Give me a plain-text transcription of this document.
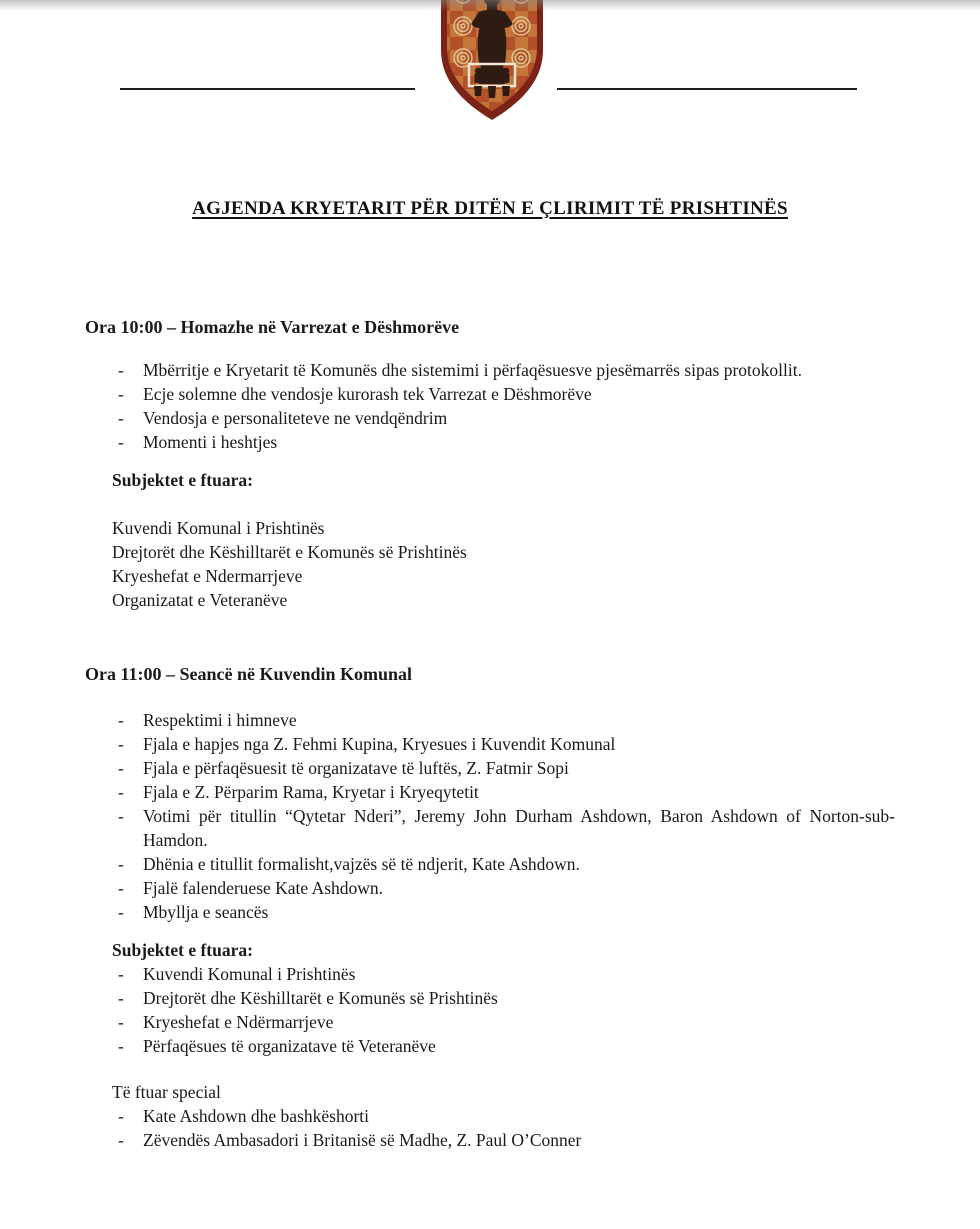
AGJENDA KRYETARIT PËR DITËN E ÇLIRIMIT TË PRISHTINËS
Ora 10:00 – Homazhe në Varrezat e Dëshmorëve
-	Mbërritje e Kryetarit të Komunës dhe sistemimi i përfaqësuesve pjesëmarrës sipas protokollit.
-	Ecje solemne dhe vendosje kurorash tek Varrezat e Dëshmorëve
-	Vendosja e personaliteteve ne vendqëndrim
-	Momenti i heshtjes
Subjektet e ftuara:
Kuvendi Komunal i Prishtinës
Drejtorët dhe Këshilltarët e Komunës së Prishtinës
Kryeshefat e Ndermarrjeve
Organizatat e Veteranëve
Ora 11:00 – Seancë në Kuvendin Komunal
-	Respektimi i himneve
-	Fjala e hapjes nga Z. Fehmi Kupina, Kryesues i Kuvendit Komunal
-	Fjala e përfaqësuesit të organizatave të luftës, Z. Fatmir Sopi
-	Fjala e Z. Përparim Rama, Kryetar i Kryeqytetit
-	Votimi për titullin “Qytetar Nderi”, Jeremy John Durham Ashdown, Baron Ashdown of Norton-sub-Hamdon.
-	Dhënia e titullit formalisht,vajzës së të ndjerit, Kate Ashdown.
-	Fjalë falenderuese Kate Ashdown.
-	Mbyllja e seancës
Subjektet e ftuara:
-	Kuvendi Komunal i Prishtinës
-	Drejtorët dhe Këshilltarët e Komunës së Prishtinës
-	Kryeshefat e Ndërmarrjeve
-	Përfaqësues të organizatave të Veteranëve
Të ftuar special
-	Kate Ashdown dhe bashkëshorti
-	Zëvendës Ambasadori i Britanisë së Madhe, Z. Paul O’Conner
